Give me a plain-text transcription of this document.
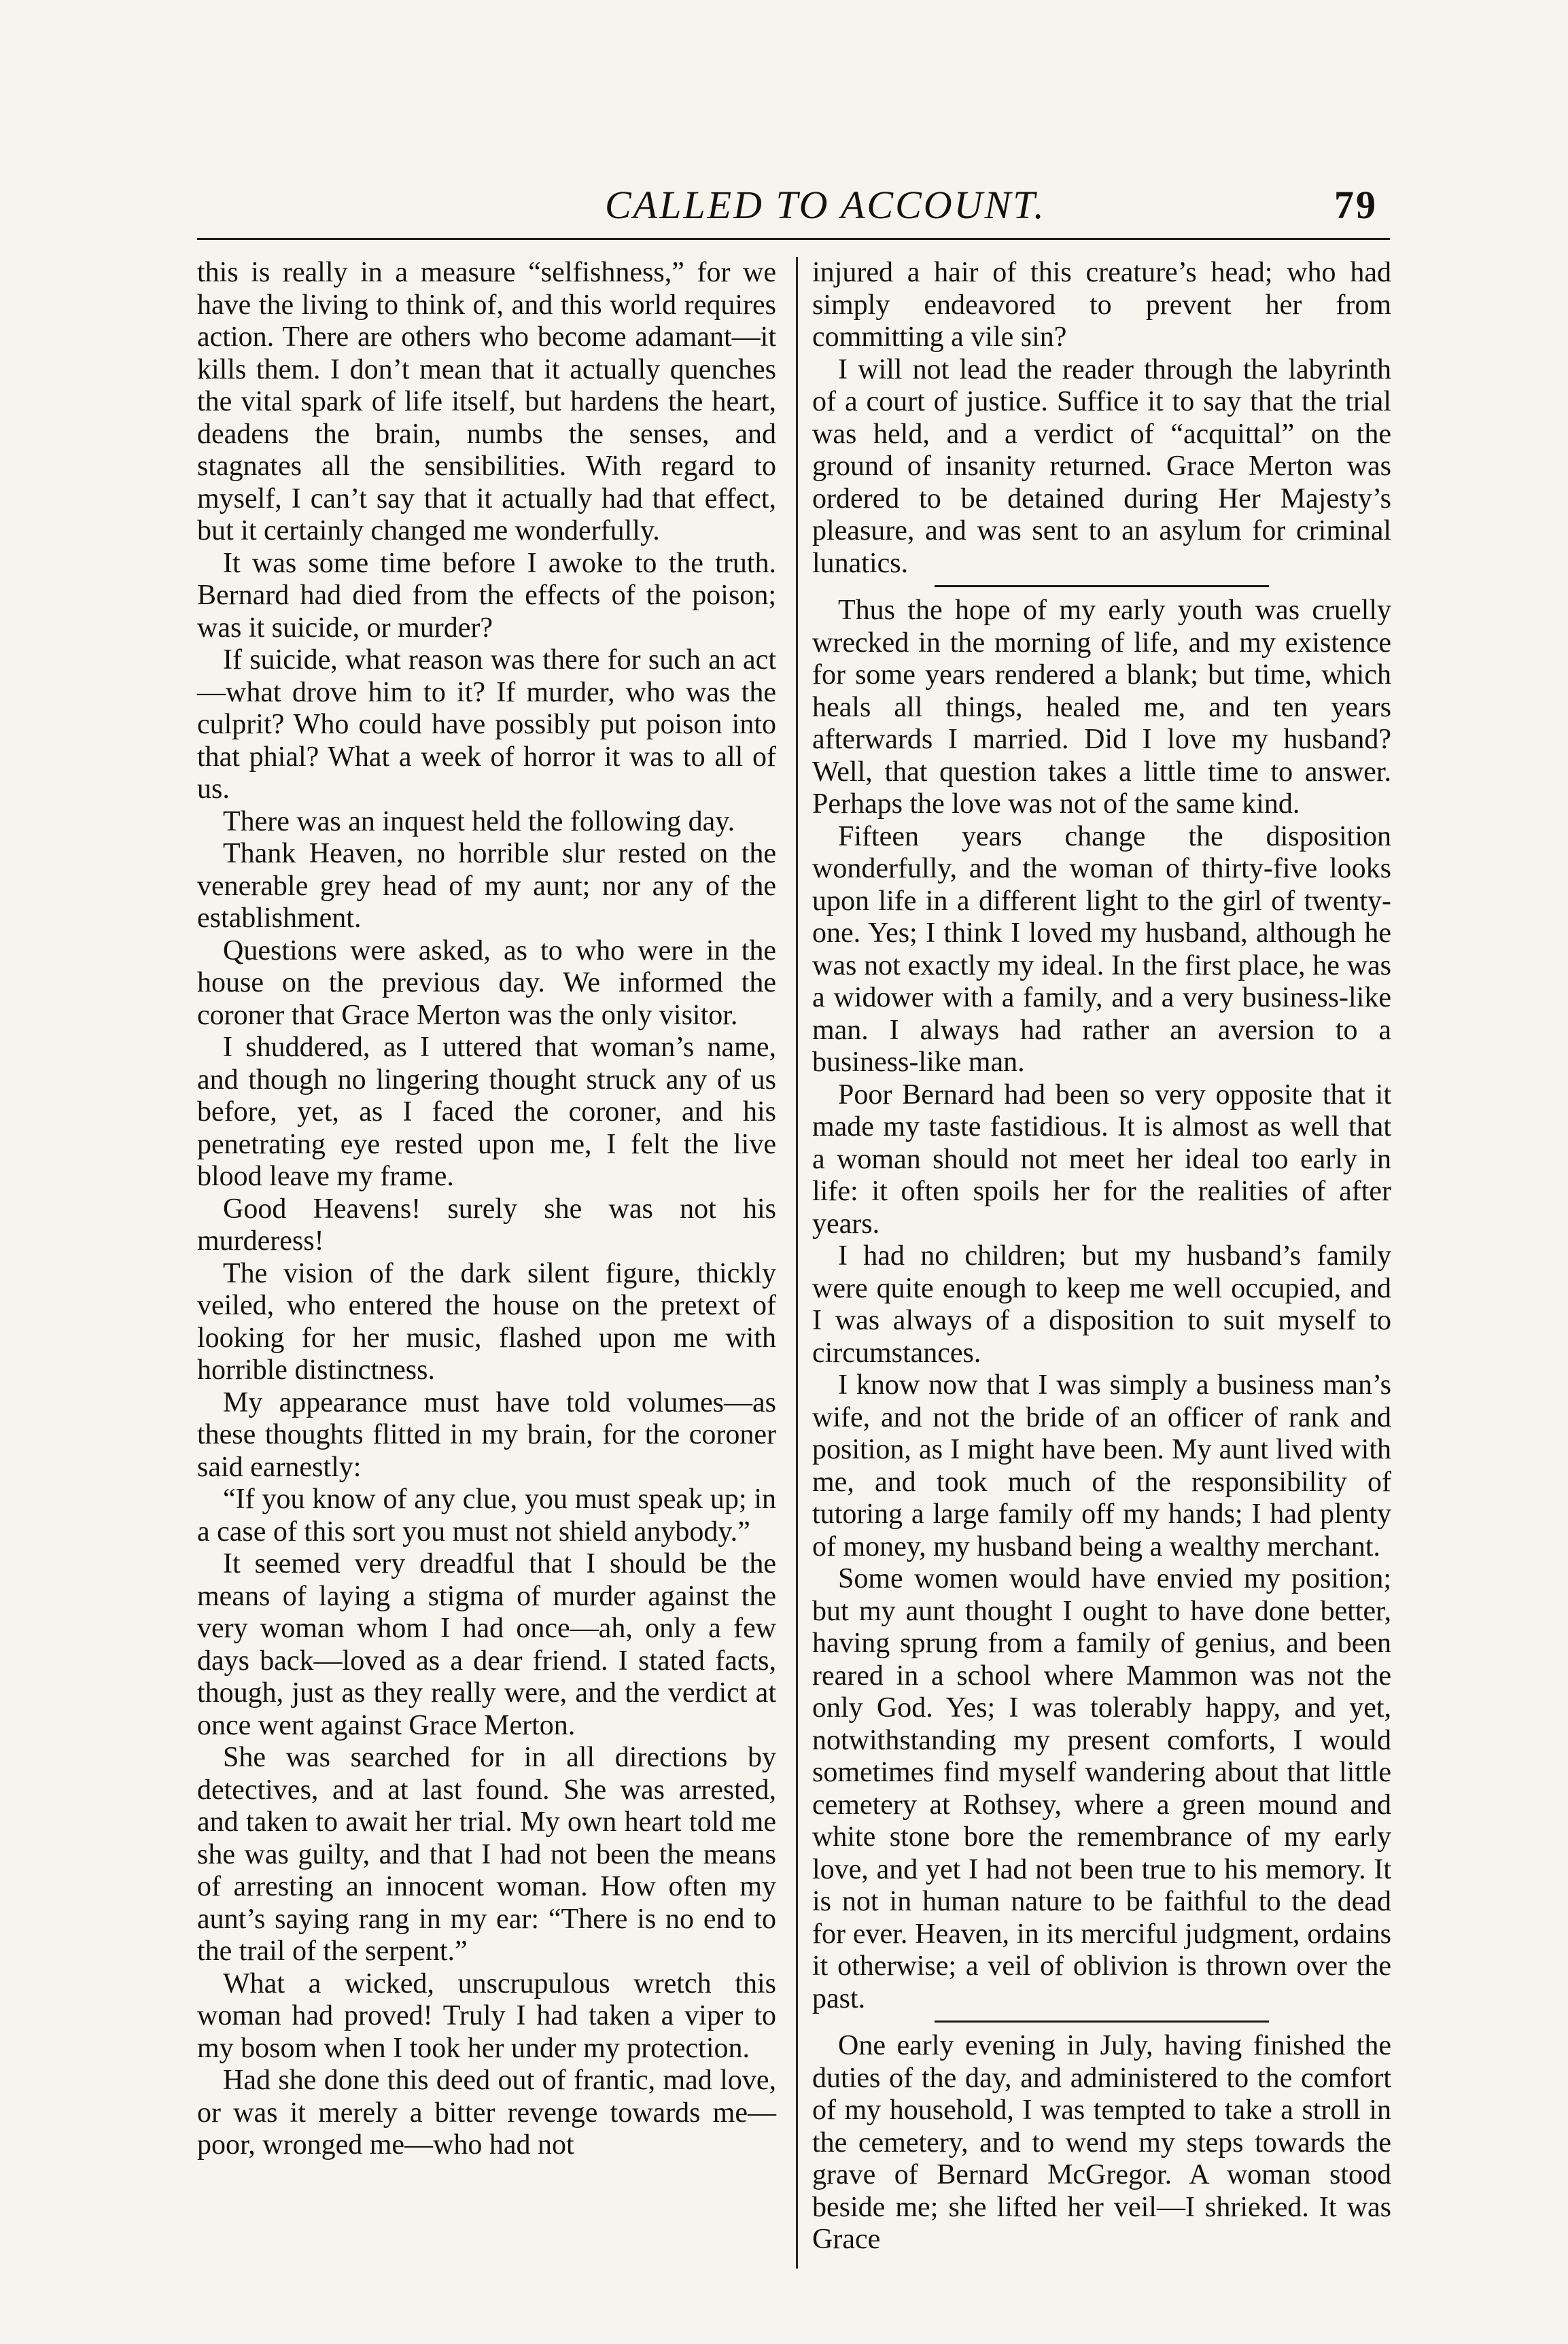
CALLED TO ACCOUNT.	79

this is really in a measure “selfishness,” for we have the living to think of, and this world requires action. There are others who become adamant—it kills them. I don’t mean that it actually quenches the vital spark of life itself, but hardens the heart, deadens the brain, numbs the senses, and stagnates all the sensibilities. With regard to myself, I can’t say that it actually had that effect, but it certainly changed me wonderfully.

It was some time before I awoke to the truth. Bernard had died from the effects of the poison; was it suicide, or murder?

If suicide, what reason was there for such an act—what drove him to it? If murder, who was the culprit? Who could have possibly put poison into that phial? What a week of horror it was to all of us.

There was an inquest held the following day.

Thank Heaven, no horrible slur rested on the venerable grey head of my aunt; nor any of the establishment.

Questions were asked, as to who were in the house on the previous day. We informed the coroner that Grace Merton was the only visitor.

I shuddered, as I uttered that woman’s name, and though no lingering thought struck any of us before, yet, as I faced the coroner, and his penetrating eye rested upon me, I felt the live blood leave my frame.

Good Heavens! surely she was not his murderess!

The vision of the dark silent figure, thickly veiled, who entered the house on the pretext of looking for her music, flashed upon me with horrible distinctness.

My appearance must have told volumes—as these thoughts flitted in my brain, for the coroner said earnestly:

“If you know of any clue, you must speak up; in a case of this sort you must not shield anybody.”

It seemed very dreadful that I should be the means of laying a stigma of murder against the very woman whom I had once—ah, only a few days back—loved as a dear friend. I stated facts, though, just as they really were, and the verdict at once went against Grace Merton.

She was searched for in all directions by detectives, and at last found. She was arrested, and taken to await her trial. My own heart told me she was guilty, and that I had not been the means of arresting an innocent woman. How often my aunt’s saying rang in my ear: “There is no end to the trail of the serpent.”

What a wicked, unscrupulous wretch this woman had proved! Truly I had taken a viper to my bosom when I took her under my protection.

Had she done this deed out of frantic, mad love, or was it merely a bitter revenge towards me—poor, wronged me—who had not

injured a hair of this creature’s head; who had simply endeavored to prevent her from committing a vile sin?

I will not lead the reader through the labyrinth of a court of justice. Suffice it to say that the trial was held, and a verdict of “acquittal” on the ground of insanity returned. Grace Merton was ordered to be detained during Her Majesty’s pleasure, and was sent to an asylum for criminal lunatics.

Thus the hope of my early youth was cruelly wrecked in the morning of life, and my existence for some years rendered a blank; but time, which heals all things, healed me, and ten years afterwards I married. Did I love my husband? Well, that question takes a little time to answer. Perhaps the love was not of the same kind.

Fifteen years change the disposition wonderfully, and the woman of thirty-five looks upon life in a different light to the girl of twenty-one. Yes; I think I loved my husband, although he was not exactly my ideal. In the first place, he was a widower with a family, and a very business-like man. I always had rather an aversion to a business-like man.

Poor Bernard had been so very opposite that it made my taste fastidious. It is almost as well that a woman should not meet her ideal too early in life: it often spoils her for the realities of after years.

I had no children; but my husband’s family were quite enough to keep me well occupied, and I was always of a disposition to suit myself to circumstances.

I know now that I was simply a business man’s wife, and not the bride of an officer of rank and position, as I might have been. My aunt lived with me, and took much of the responsibility of tutoring a large family off my hands; I had plenty of money, my husband being a wealthy merchant.

Some women would have envied my position; but my aunt thought I ought to have done better, having sprung from a family of genius, and been reared in a school where Mammon was not the only God. Yes; I was tolerably happy, and yet, notwithstanding my present comforts, I would sometimes find myself wandering about that little cemetery at Rothsey, where a green mound and white stone bore the remembrance of my early love, and yet I had not been true to his memory. It is not in human nature to be faithful to the dead for ever. Heaven, in its merciful judgment, ordains it otherwise; a veil of oblivion is thrown over the past.

One early evening in July, having finished the duties of the day, and administered to the comfort of my household, I was tempted to take a stroll in the cemetery, and to wend my steps towards the grave of Bernard McGregor. A woman stood beside me; she lifted her veil—I shrieked. It was Grace
